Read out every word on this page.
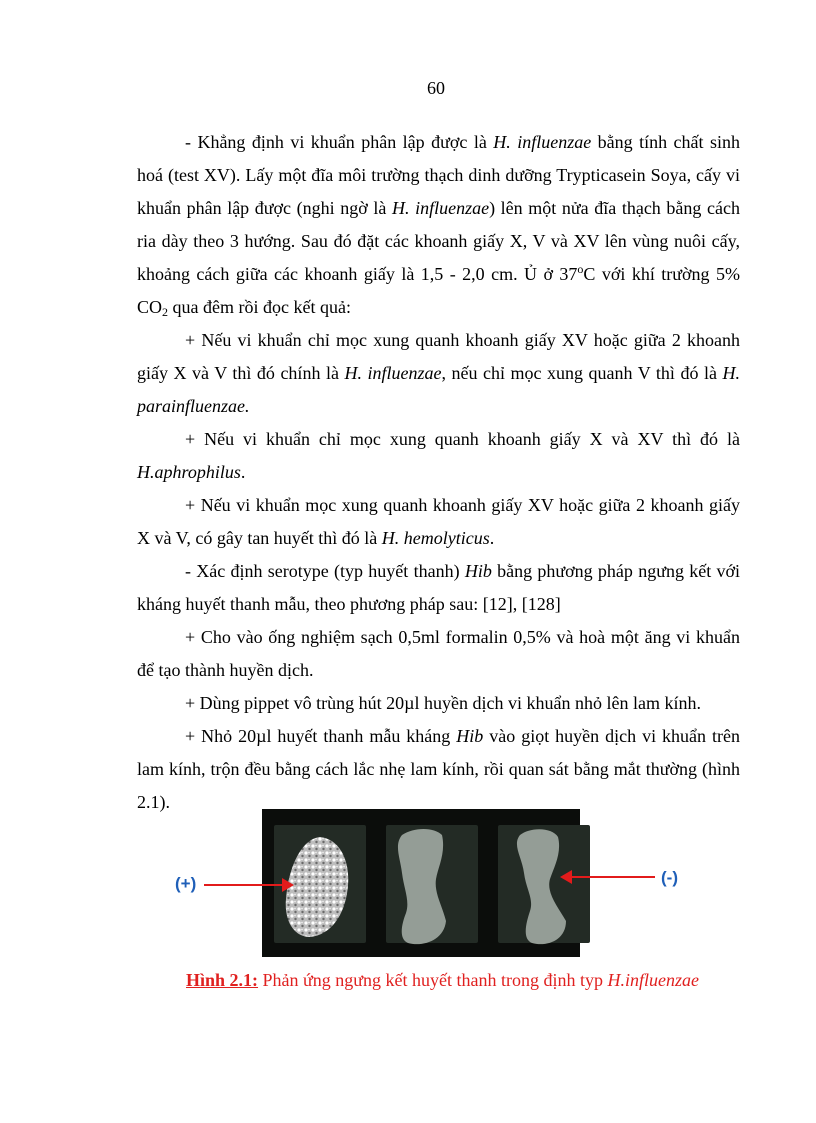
60

- Khẳng định vi khuẩn phân lập được là H. influenzae bằng tính chất sinh hoá (test XV). Lấy một đĩa môi trường thạch dinh dưỡng Trypticasein Soya, cấy vi khuẩn phân lập được (nghi ngờ là H. influenzae) lên một nửa đĩa thạch bằng cách ria dày theo 3 hướng. Sau đó đặt các khoanh giấy X, V và XV lên vùng nuôi cấy, khoảng cách giữa các khoanh giấy là 1,5 - 2,0 cm. Ủ ở 37$^o$C với khí trường 5% $CO_2$ qua đêm rồi đọc kết quả:

+ Nếu vi khuẩn chỉ mọc xung quanh khoanh giấy XV hoặc giữa 2 khoanh giấy X và V thì đó chính là H. influenzae, nếu chỉ mọc xung quanh V thì đó là H. parainfluenzae.

+ Nếu vi khuẩn chỉ mọc xung quanh khoanh giấy X và XV thì đó là H.aphrophilus.

+ Nếu vi khuẩn mọc xung quanh khoanh giấy XV hoặc giữa 2 khoanh giấy X và V, có gây tan huyết thì đó là H. hemolyticus.

- Xác định serotype (typ huyết thanh) Hib bằng phương pháp ngưng kết với kháng huyết thanh mẫu, theo phương pháp sau: [12], [128]

+ Cho vào ống nghiệm sạch 0,5ml formalin 0,5% và hoà một ăng vi khuẩn để tạo thành huyền dịch.

+ Dùng pippet vô trùng hút 20µl huyền dịch vi khuẩn nhỏ lên lam kính.

+ Nhỏ 20µl huyết thanh mẫu kháng Hib vào giọt huyền dịch vi khuẩn trên lam kính, trộn đều bằng cách lắc nhẹ lam kính, rồi quan sát bằng mắt thường (hình 2.1).

(+)	(-)
Hình 2.1: Phản ứng ngưng kết huyết thanh trong định typ H.influenzae
